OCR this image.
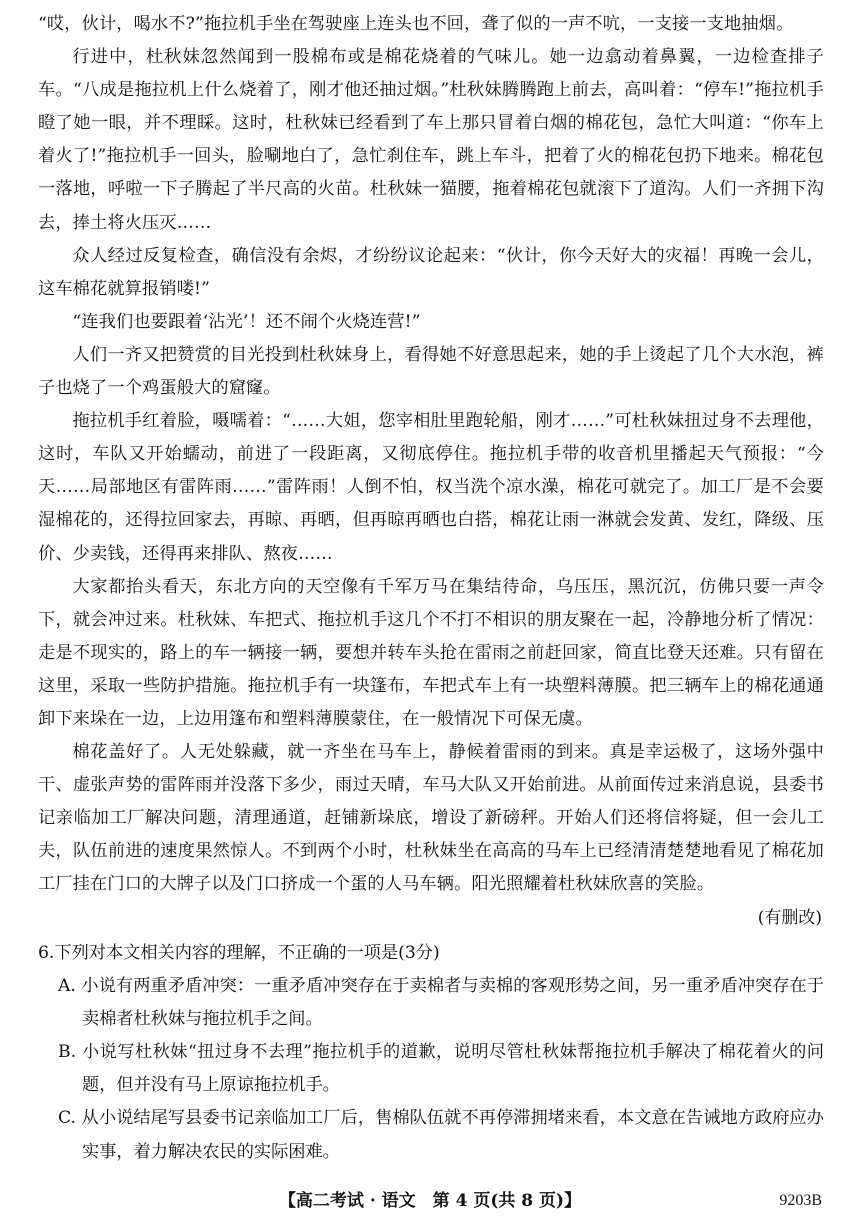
“哎，伙计，喝水不?”拖拉机手坐在驾驶座上连头也不回，聋了似的一声不吭，一支接一支地抽烟。

行进中，杜秋妹忽然闻到一股棉布或是棉花烧着的气味儿。她一边翕动着鼻翼，一边检查排子车。“八成是拖拉机上什么烧着了，刚才他还抽过烟。”杜秋妹腾腾跑上前去，高叫着：“停车!”拖拉机手瞪了她一眼，并不理睬。这时，杜秋妹已经看到了车上那只冒着白烟的棉花包，急忙大叫道：“你车上着火了!”拖拉机手一回头，脸唰地白了，急忙刹住车，跳上车斗，把着了火的棉花包扔下地来。棉花包一落地，呼啦一下子腾起了半尺高的火苗。杜秋妹一猫腰，拖着棉花包就滚下了道沟。人们一齐拥下沟去，捧土将火压灭……

众人经过反复检查，确信没有余烬，才纷纷议论起来：“伙计，你今天好大的灾福！再晚一会儿，这车棉花就算报销喽!”

“连我们也要跟着‘沾光’！还不闹个火烧连营!”

人们一齐又把赞赏的目光投到杜秋妹身上，看得她不好意思起来，她的手上烫起了几个大水泡，裤子也烧了一个鸡蛋般大的窟窿。

拖拉机手红着脸，嗫嚅着：“……大姐，您宰相肚里跑轮船，刚才……”可杜秋妹扭过身不去理他，这时，车队又开始蠕动，前进了一段距离，又彻底停住。拖拉机手带的收音机里播起天气预报：“今天……局部地区有雷阵雨……”雷阵雨！人倒不怕，权当洗个凉水澡，棉花可就完了。加工厂是不会要湿棉花的，还得拉回家去，再晾、再晒，但再晾再晒也白搭，棉花让雨一淋就会发黄、发红，降级、压价、少卖钱，还得再来排队、熬夜……

大家都抬头看天，东北方向的天空像有千军万马在集结待命，乌压压，黑沉沉，仿佛只要一声令下，就会冲过来。杜秋妹、车把式、拖拉机手这几个不打不相识的朋友聚在一起，冷静地分析了情况：走是不现实的，路上的车一辆接一辆，要想并转车头抢在雷雨之前赶回家，简直比登天还难。只有留在这里，采取一些防护措施。拖拉机手有一块篷布，车把式车上有一块塑料薄膜。把三辆车上的棉花通通卸下来垛在一边，上边用篷布和塑料薄膜蒙住，在一般情况下可保无虞。

棉花盖好了。人无处躲藏，就一齐坐在马车上，静候着雷雨的到来。真是幸运极了，这场外强中干、虚张声势的雷阵雨并没落下多少，雨过天晴，车马大队又开始前进。从前面传过来消息说，县委书记亲临加工厂解决问题，清理通道，赶铺新垛底，增设了新磅秤。开始人们还将信将疑，但一会儿工夫，队伍前进的速度果然惊人。不到两个小时，杜秋妹坐在高高的马车上已经清清楚楚地看见了棉花加工厂挂在门口的大牌子以及门口挤成一个蛋的人马车辆。阳光照耀着杜秋妹欣喜的笑脸。

(有删改)

6.下列对本文相关内容的理解，不正确的一项是(3分)

A. 小说有两重矛盾冲突：一重矛盾冲突存在于卖棉者与卖棉的客观形势之间，另一重矛盾冲突存在于卖棉者杜秋妹与拖拉机手之间。

B. 小说写杜秋妹“扭过身不去理”拖拉机手的道歉，说明尽管杜秋妹帮拖拉机手解决了棉花着火的问题，但并没有马上原谅拖拉机手。

C. 从小说结尾写县委书记亲临加工厂后，售棉队伍就不再停滞拥堵来看，本文意在告诫地方政府应办实事，着力解决农民的实际困难。

【高二考试 · 语文　第 4 页(共 8 页)】	9203B
